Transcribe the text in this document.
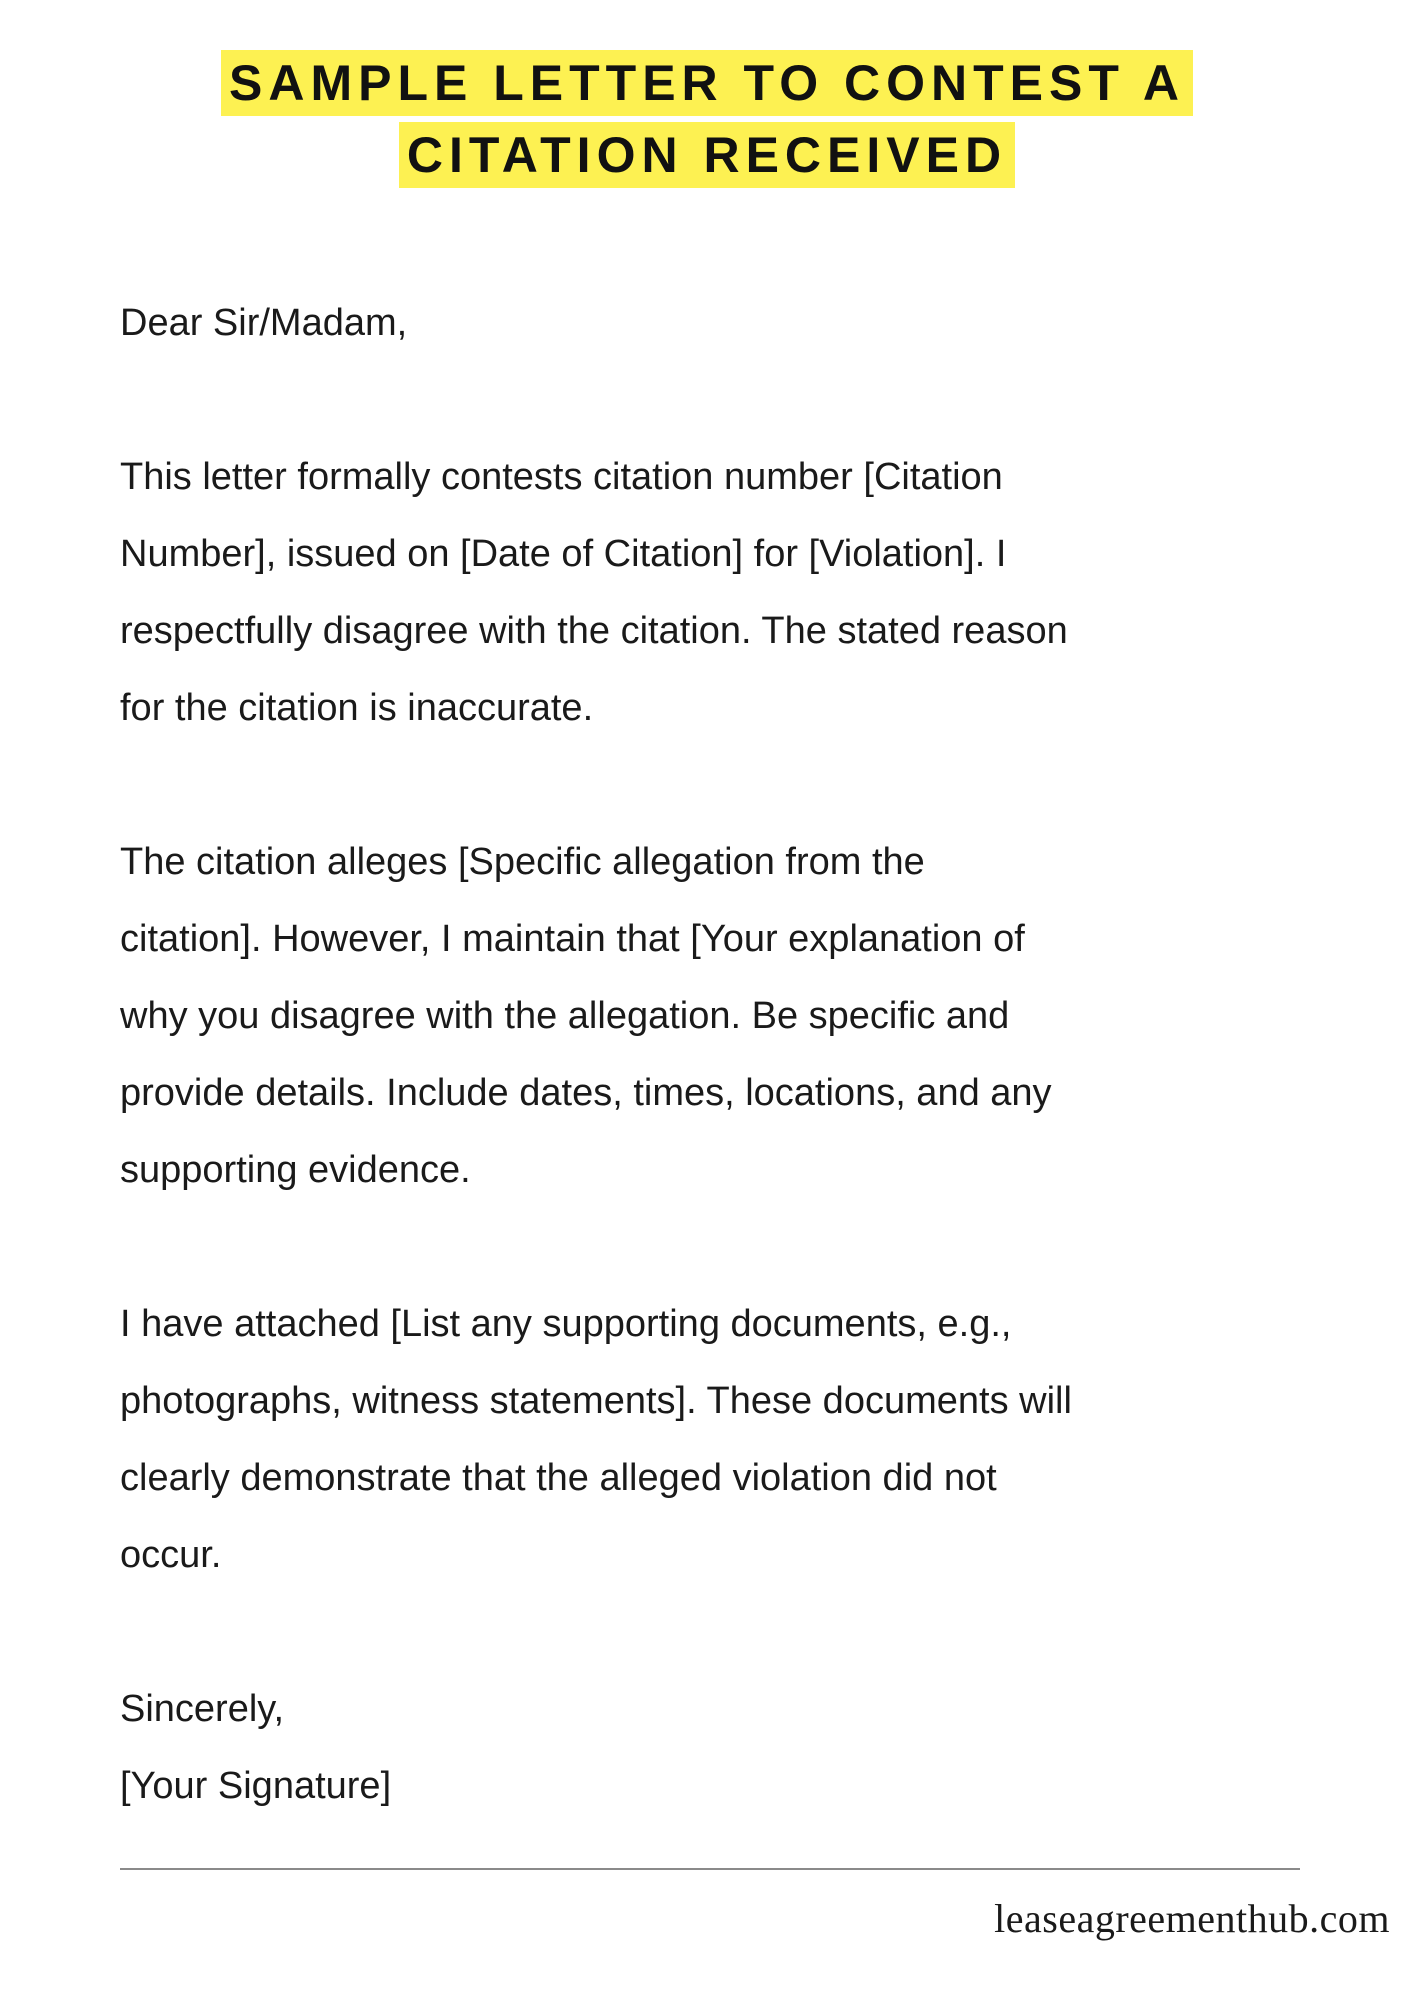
SAMPLE LETTER TO CONTEST A
CITATION RECEIVED

Dear Sir/Madam,

This letter formally contests citation number [Citation
Number], issued on [Date of Citation] for [Violation]. I
respectfully disagree with the citation. The stated reason
for the citation is inaccurate.

The citation alleges [Specific allegation from the
citation]. However, I maintain that [Your explanation of
why you disagree with the allegation. Be specific and
provide details. Include dates, times, locations, and any
supporting evidence.

I have attached [List any supporting documents, e.g.,
photographs, witness statements]. These documents will
clearly demonstrate that the alleged violation did not
occur.

Sincerely,
[Your Signature]

leaseagreementhub.com
